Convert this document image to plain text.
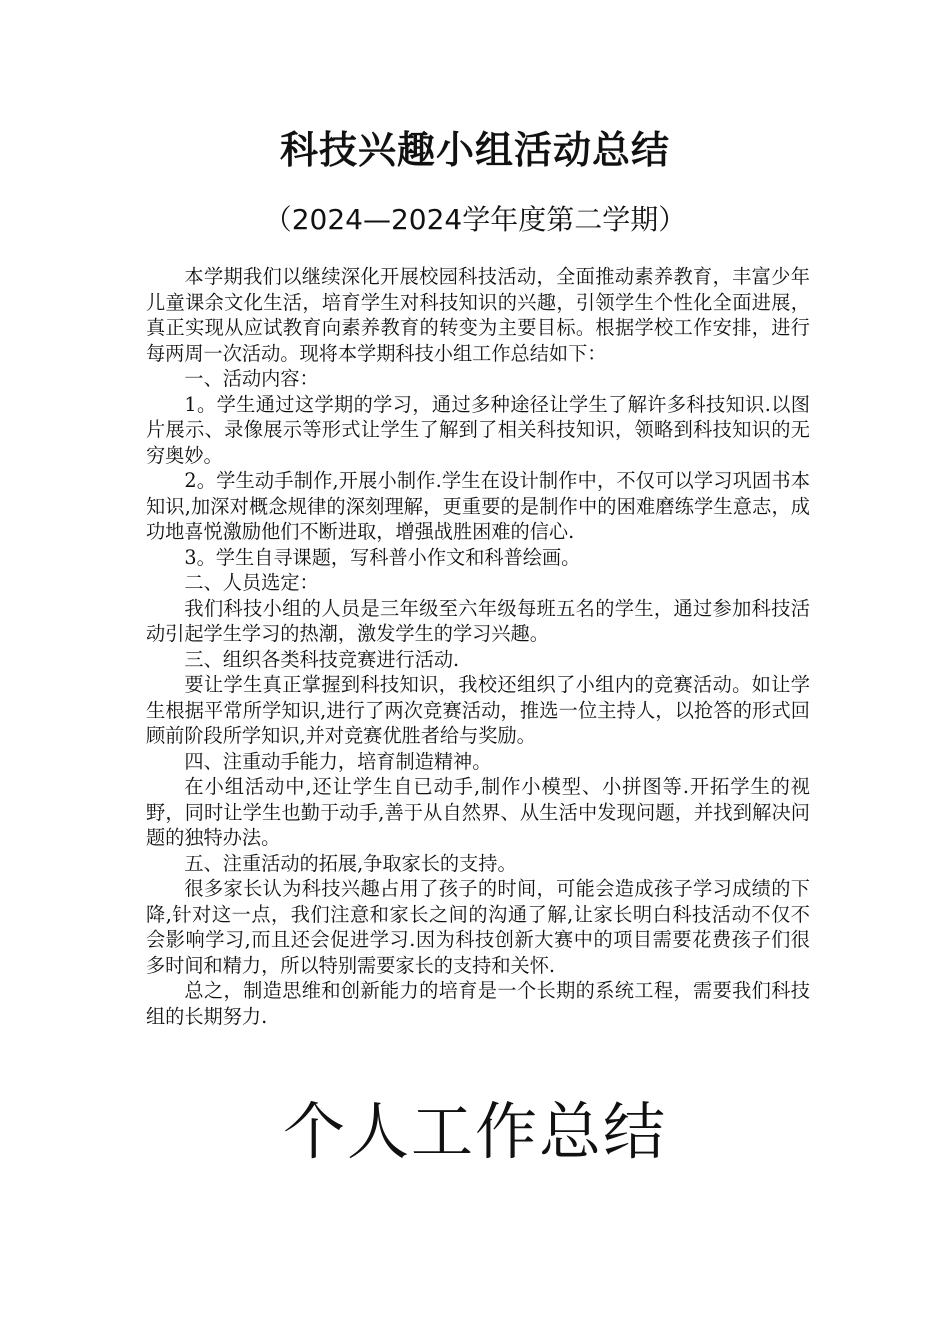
科技兴趣小组活动总结
（2024—2024学年度第二学期）

本学期我们以继续深化开展校园科技活动，全面推动素养教育，丰富少年儿童课余文化生活，培育学生对科技知识的兴趣，引领学生个性化全面进展，真正实现从应试教育向素养教育的转变为主要目标。根据学校工作安排，进行每两周一次活动。现将本学期科技小组工作总结如下：

一、活动内容：

1。学生通过这学期的学习，通过多种途径让学生了解许多科技知识.以图片展示、录像展示等形式让学生了解到了相关科技知识，领略到科技知识的无穷奥妙。

2。学生动手制作,开展小制作.学生在设计制作中，不仅可以学习巩固书本知识,加深对概念规律的深刻理解，更重要的是制作中的困难磨练学生意志，成功地喜悦激励他们不断进取，增强战胜困难的信心.

3。学生自寻课题，写科普小作文和科普绘画。

二、人员选定：

我们科技小组的人员是三年级至六年级每班五名的学生，通过参加科技活动引起学生学习的热潮，激发学生的学习兴趣。

三、组织各类科技竞赛进行活动.

要让学生真正掌握到科技知识，我校还组织了小组内的竞赛活动。如让学生根据平常所学知识,进行了两次竞赛活动，推选一位主持人，以抢答的形式回顾前阶段所学知识,并对竞赛优胜者给与奖励。

四、注重动手能力，培育制造精神。

在小组活动中,还让学生自已动手,制作小模型、小拼图等.开拓学生的视野，同时让学生也勤于动手,善于从自然界、从生活中发现问题，并找到解决问题的独特办法。

五、注重活动的拓展,争取家长的支持。

很多家长认为科技兴趣占用了孩子的时间，可能会造成孩子学习成绩的下降,针对这一点，我们注意和家长之间的沟通了解,让家长明白科技活动不仅不会影响学习,而且还会促进学习.因为科技创新大赛中的项目需要花费孩子们很多时间和精力，所以特别需要家长的支持和关怀.

总之，制造思维和创新能力的培育是一个长期的系统工程，需要我们科技组的长期努力.

个人工作总结
